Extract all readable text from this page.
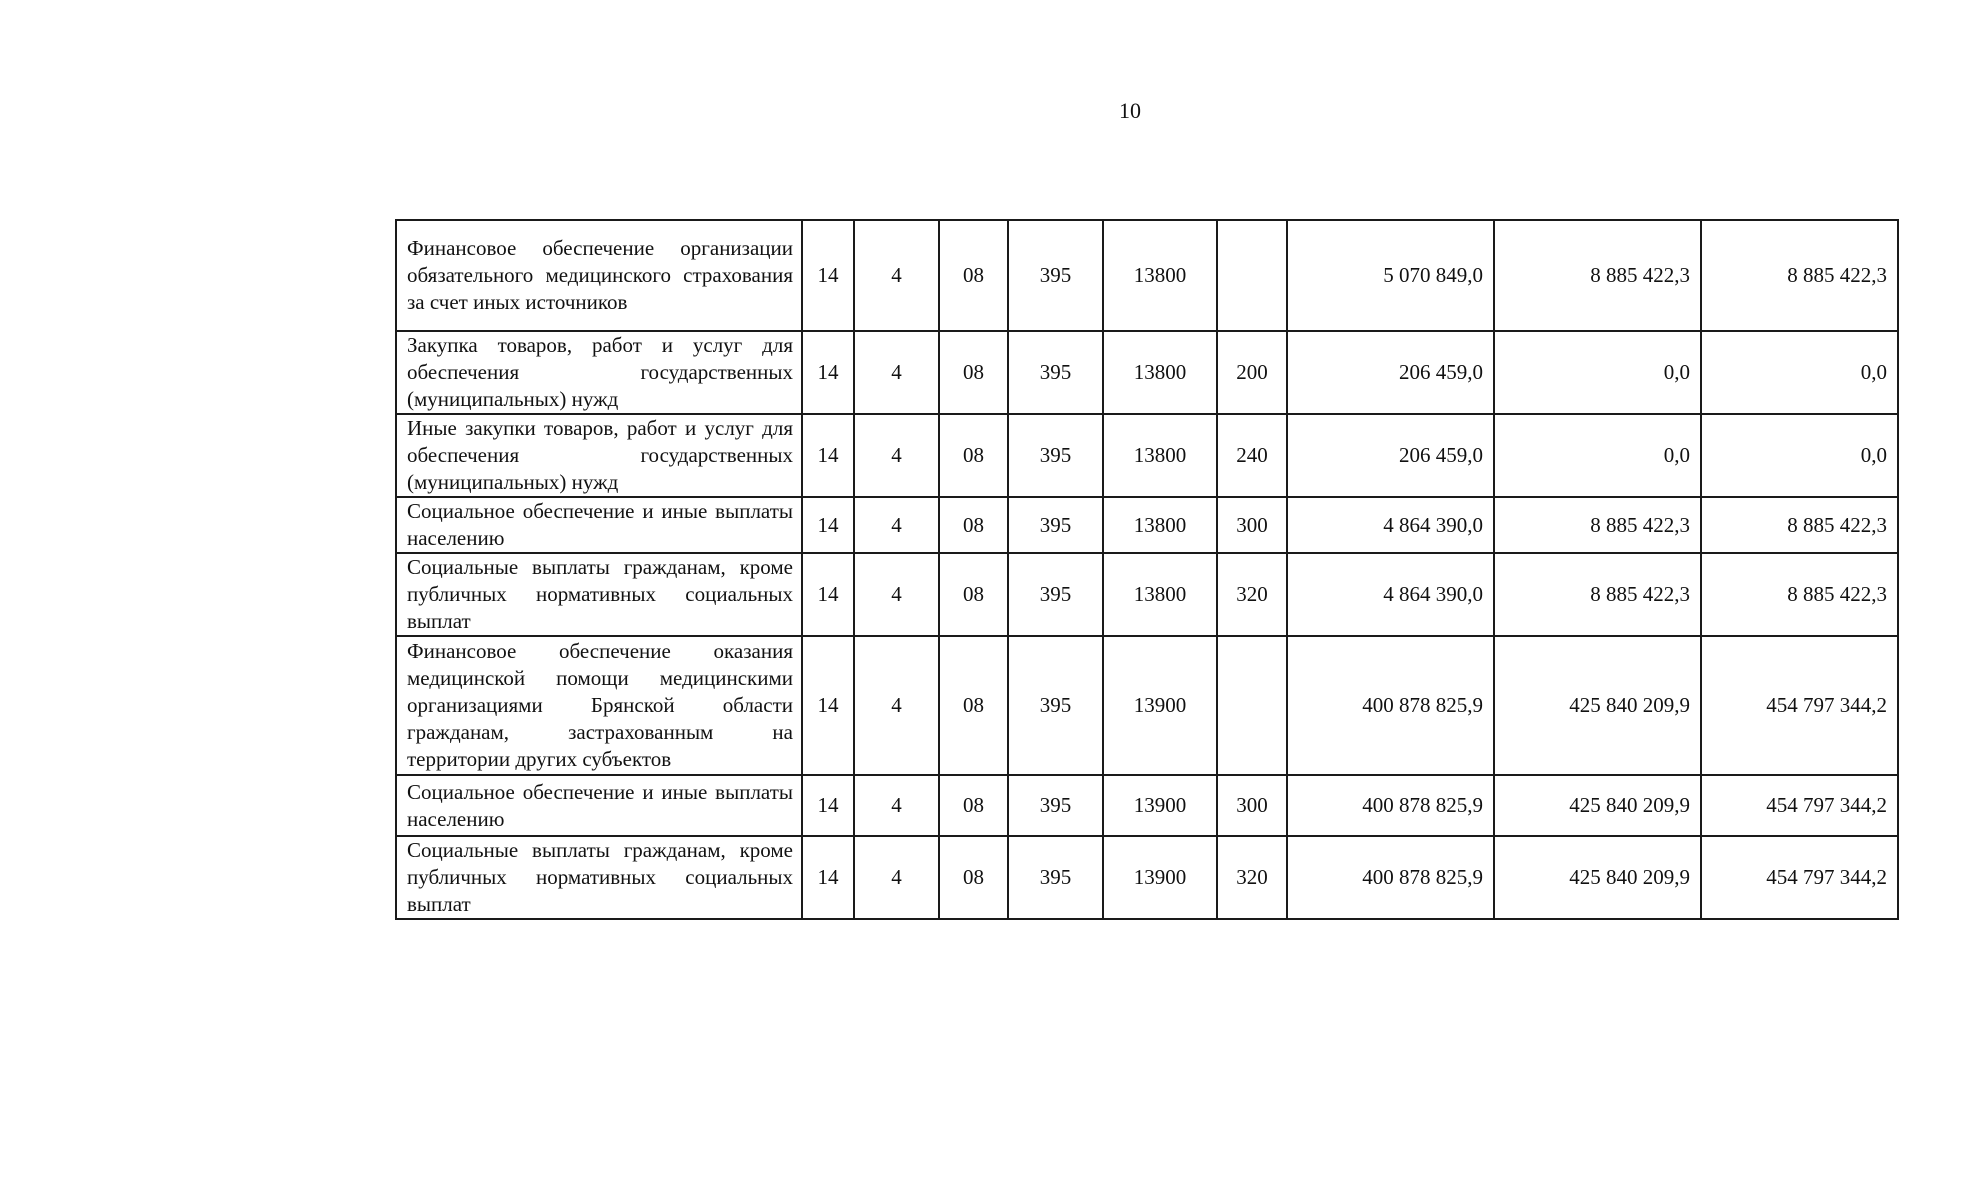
10
Финансовое обеспечение организации обязательного медицинского страхования за счет иных источников	14	4	08	395	13800		5 070 849,0	8 885 422,3	8 885 422,3
Закупка товаров, работ и услуг для обеспечения государственных (муниципальных) нужд	14	4	08	395	13800	200	206 459,0	0,0	0,0
Иные закупки товаров, работ и услуг для обеспечения государственных (муниципальных) нужд	14	4	08	395	13800	240	206 459,0	0,0	0,0
Социальное обеспечение и иные выплаты населению	14	4	08	395	13800	300	4 864 390,0	8 885 422,3	8 885 422,3
Социальные выплаты гражданам, кроме публичных нормативных социальных выплат	14	4	08	395	13800	320	4 864 390,0	8 885 422,3	8 885 422,3
Финансовое обеспечение оказания медицинской помощи медицинскими организациями Брянской области гражданам, застрахованным на территории других субъектов	14	4	08	395	13900		400 878 825,9	425 840 209,9	454 797 344,2
Социальное обеспечение и иные выплаты населению	14	4	08	395	13900	300	400 878 825,9	425 840 209,9	454 797 344,2
Социальные выплаты гражданам, кроме публичных нормативных социальных выплат	14	4	08	395	13900	320	400 878 825,9	425 840 209,9	454 797 344,2
